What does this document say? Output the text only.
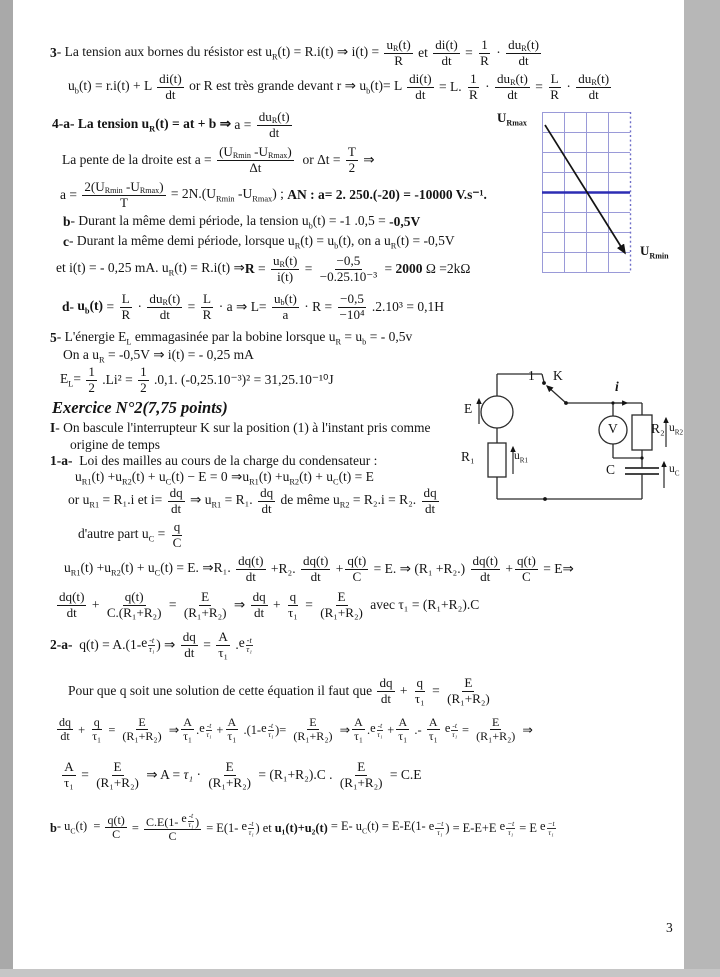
3 - La tension aux bornes du résistor est $u_R(t) = R.i(t)$ ⇒ $i(t) = \frac{\text{u R (t)}}{R}$ et $\frac{di(t)}{dt} = \frac{1}{R} \cdot \frac{\text{du R (t)}}{dt}$
$u_b(t) = r.i(t) + L \frac{di(t)}{dt}$ or R est très grande devant r ⇒ $u_b(t)= L \frac{di(t)}{dt} = L$. $\frac{1}{R} \cdot \frac{\text{du R (t)}}{dt} = \frac{L}{R} \cdot \frac{\text{du R (t)}}{dt}$
4-a- La tension $u_R(t)$ = at + b ⇒ $a = \frac{\text{du R (t)}}{dt}$
La pente de la droite est $a = \frac{\text{(U Rmin -U Rmax )}}{\Delta t}$ or $\Delta t = \frac{T}{2}$ ⇒
$a = \frac{\text{2(U Rmin -U Rmax )}}{T} = 2N.(U_{Rmin}$ $-U_{Rmax}$) ; AN : a= 2. 250.(-20) = -10000 V.s⁻¹.
b - Durant la même demi période, la tension $u_b(t) = -1$ .0,5 = -0,5V
c - Durant la même demi période, lorsque $u_R(t) = u_b(t)$, on a $u_R(t) = -0,5V$
et i(t) = - 0,25 mA. $u_R(t) = R.i(t)$ ⇒ $R = \frac{\text{u R (t)}}{i(t)} = \frac{-0,5}{\text{−0.25.10⁻³}} = 2000$ Ω =2kΩ
$d - u_b(t) = \frac{L}{R} \cdot \frac{\text{du R (t)}}{dt} = \frac{L}{R} \cdot a$ ⇒ $L= \frac{\text{u b (t)}}{a} \cdot R = \frac{-0,5}{\text{−10⁴}} .2.10^3 = 0,1H$
5 - L'énergie $E_L$ emmagasinée par la bobine lorsque $u_R = u_b$ = - 0,5v
On a $u_R = -0,5V$ ⇒ i(t) = - 0,25 mA
$E_L= \frac{1}{2} .Li^2 = \frac{1}{2} .0,1$. (-0,25.10⁻³)² = 31,25.10⁻¹⁰J
Exercice N°2(7,75 points)
I - On bascule l'interrupteur K sur la position (1) à l'instant pris comme
origine de temps
1-a- Loi des mailles au cours de la charge du condensateur :
$u_{R1}(t) +u_{R2}(t) + u_C(t) - E = 0$ $\Rightarrow u_{R1}(t) +u_{R2}(t) + u_C(t) = E$
or $u_{R1} = R_1.i$ et $i= \frac{dq}{dt}$ ⇒ $u_{R1} = R_1$. $\frac{dq}{dt}$ de même $u_{R2} = R_2.i = R_2$. $\frac{dq}{dt}$
d'autre part $u_C = \frac{q}{C}$
$u_{R1}(t) +u_{R2}(t) + u_C(t) = E$. ⇒R₁. $\frac{dq(t)}{dt} +R_2$. $\frac{dq(t)}{dt} + \frac{q(t)}{C} = E$. ⇒ $(R_1 +R_2.) \frac{dq(t)}{dt} + \frac{q(t)}{C}$ = E⇒
$\frac{dq(t)}{dt} + \frac{q(t)}{\text{C.(R₁+R₂)}} = \frac{E}{\text{(R₁+R₂)}}$ ⇒ $\frac{dq}{dt} + \frac{q}{\text{τ₁}} = \frac{E}{\text{(R₁+R₂)}}$ avec τ₁ = (R₁+R₂).C
2-a- q(t) = A.(1- e $\frac{-t}{\text{τ₁}}$ ) ⇒ $\frac{dq}{dt} = \frac{A}{\text{τ₁}}$ . e $\frac{-t}{\text{τ₁}}$
Pour que q soit une solution de cette équation il faut que $\frac{dq}{dt} + \frac{q}{\text{τ₁}} = \frac{E}{\text{(R₁+R₂)}}$
$\frac{dq}{dt} + \frac{q}{\text{τ₁}} = \frac{E}{\text{(R₁+R₂)}}$ ⇒ $\frac{A}{\text{τ₁}}$ . e $\frac{-t}{\text{τ₁}} + \frac{A}{\text{τ₁}} .(1-$ e $\frac{-t}{\text{τ₁}}$ )= $\frac{E}{\text{(R₁+R₂)}}$ ⇒ $\frac{A}{\text{τ₁}}$ . e $\frac{-t}{\text{τ₁}} + \frac{A}{\text{τ₁}}$ .- $\frac{A}{\text{τ₁}}$
e $\frac{-t}{\text{τ₁}} = \frac{E}{\text{(R₁+R₂)}}$ ⇒
$\frac{A}{\text{τ₁}} = \frac{E}{\text{(R₁+R₂)}}$ ⇒ $A = \tau_1 \cdot \frac{E}{\text{(R₁+R₂)}} = (R_1+R_2).C$ . $\frac{E}{\text{(R₁+R₂)}} = C.E$
$b - u_C(t) = \frac{q(t)}{C} = \frac{C.E(1- e \frac{-t}{\text{τ₁}} )}{C} = E(1-$ e $\frac{-t}{\text{τ₁}}$ ) et u₁(t)+u₂(t) = E- $u_C(t) = E-E(1-$ e $\frac{-t}{\text{τ₁}}$ ) = E-E+E e $\frac{-t}{\text{τ₁}} = E$ e $\frac{-t}{\text{τ₁}}$
$U_{Rmax}$
$U_{Rmin}$
E
R₁	$u_{R1}$
1 K
i
V R₂ $u_{R2}$
C	$u_C$
3
